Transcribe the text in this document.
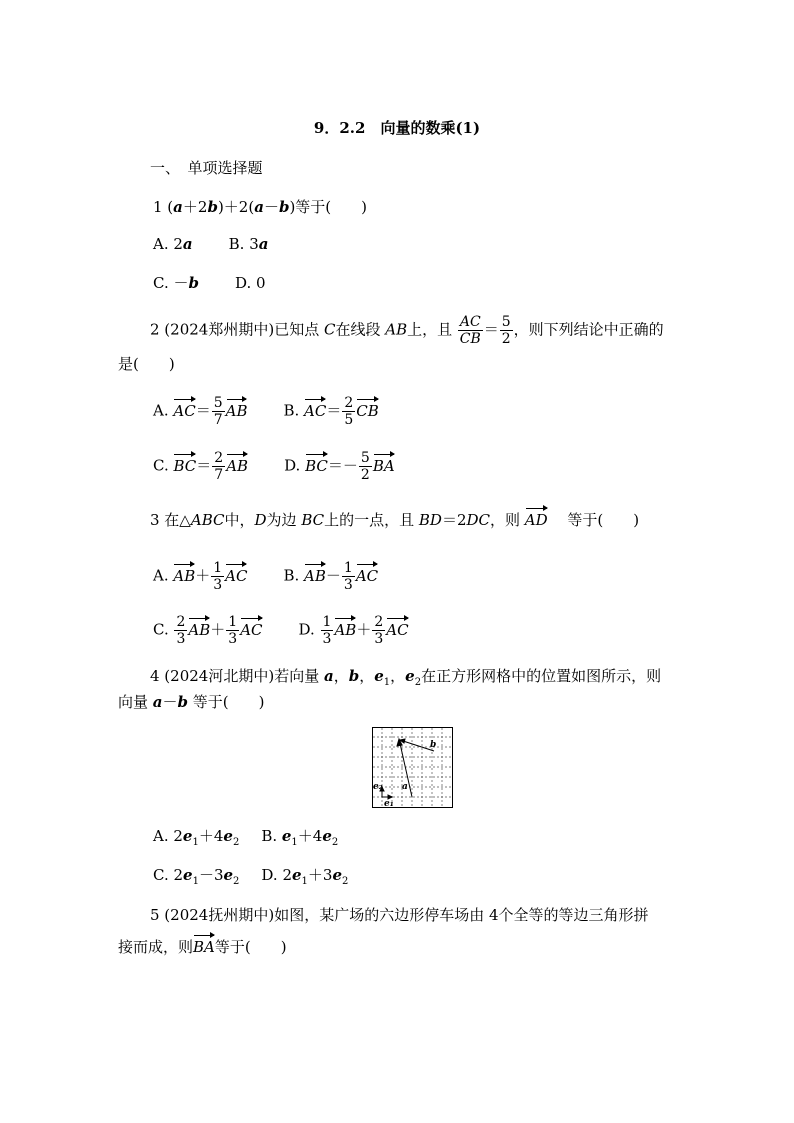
9．2.2　向量的数乘(1)
一、　单项选择题
1 (a＋2b)＋2(a－b)等于(　　)
A. 2a B. 3a
C. －b D. 0
2 (2024郑州期中)已知点 C在线段 AB上，且 $\frac{AC}{CB} = \frac{5}{2}$ ，则下列结论中正确的
是(　　)
A. $AC= \frac{5}{7}$ AB B. $AC= \frac{2}{5}$ CB
C. $BC= \frac{2}{7}$ AB D. $BC=- \frac{5}{2}$ BA
3 在△ABC中，D为边 BC上的一点，且 BD＝2DC，则 AD　 等于(　　)
A. $AB+ \frac{1}{3}$ AC B. $AB- \frac{1}{3}$ AC
C. $\frac{2}{3} AB+ \frac{1}{3}$ AC D. $\frac{1}{3} AB+ \frac{2}{3}$ AC
4 (2024河北期中)若向量 a，b，$e_1$，$e_2$在正方形网格中的位置如图所示，则
向量 a－b 等于(　　)
a
b
e₁
e₂
A. $2e_1+4e_2$ B. $e_1+4e_2$
C. $2e_1-3e_2$ D. $2e_1+3e_2$
5 (2024抚州期中)如图，某广场的六边形停车场由 4个全等的等边三角形拼
接而成，则BA等于(　　)
